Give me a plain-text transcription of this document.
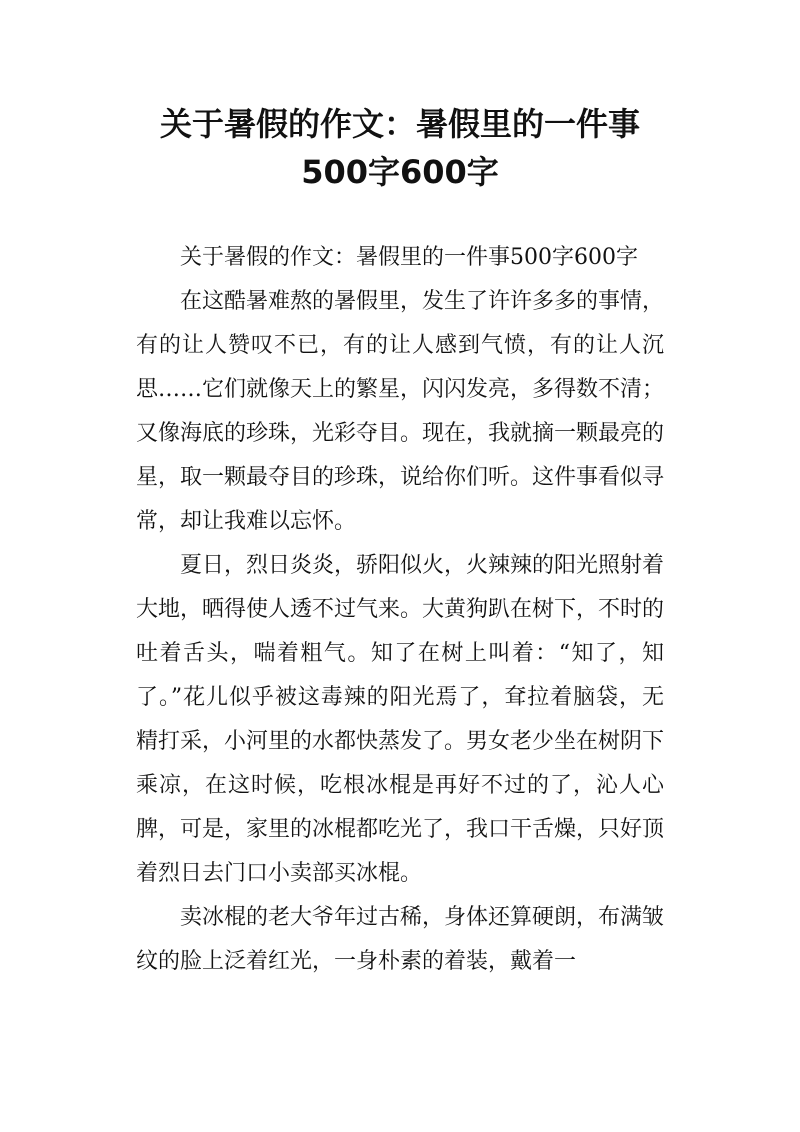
关于暑假的作文：暑假里的一件事
500字600字

关于暑假的作文：暑假里的一件事500字600字

在这酷暑难熬的暑假里，发生了许许多多的事情，有的让人赞叹不已，有的让人感到气愤，有的让人沉思……它们就像天上的繁星，闪闪发亮，多得数不清；又像海底的珍珠，光彩夺目。现在，我就摘一颗最亮的星，取一颗最夺目的珍珠，说给你们听。这件事看似寻常，却让我难以忘怀。

夏日，烈日炎炎，骄阳似火，火辣辣的阳光照射着大地，晒得使人透不过气来。大黄狗趴在树下，不时的吐着舌头，喘着粗气。知了在树上叫着：“知了，知了。”花儿似乎被这毒辣的阳光焉了，耷拉着脑袋，无精打采，小河里的水都快蒸发了。男女老少坐在树阴下乘凉，在这时候，吃根冰棍是再好不过的了，沁人心脾，可是，家里的冰棍都吃光了，我口干舌燥，只好顶着烈日去门口小卖部买冰棍。

卖冰棍的老大爷年过古稀，身体还算硬朗，布满皱纹的脸上泛着红光，一身朴素的着装，戴着一
